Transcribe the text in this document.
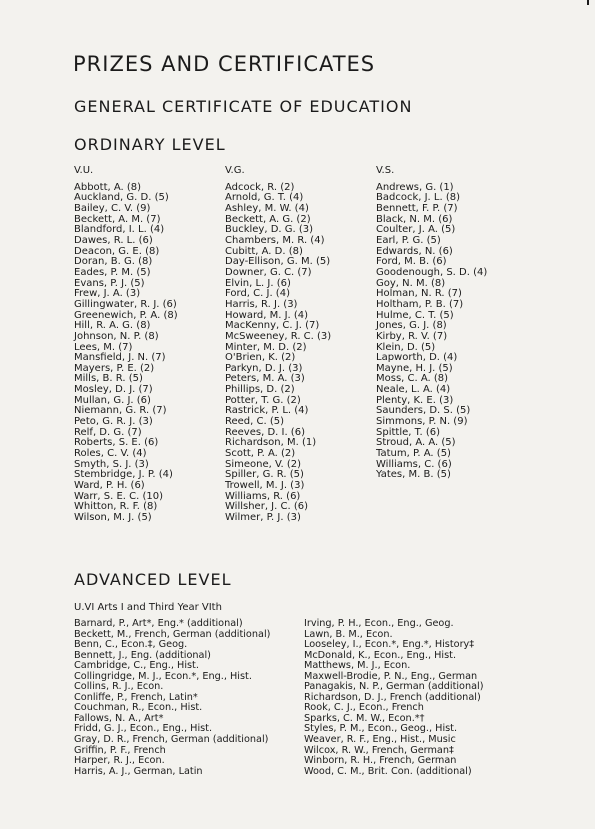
PRIZES AND CERTIFICATES
GENERAL CERTIFICATE OF EDUCATION
ORDINARY LEVEL
V.U.
Abbott, A. (8)
Auckland, G. D. (5)
Bailey, C. V. (9)
Beckett, A. M. (7)
Blandford, I. L. (4)
Dawes, R. L. (6)
Deacon, G. E. (8)
Doran, B. G. (8)
Eades, P. M. (5)
Evans, P. J. (5)
Frew, J. A. (3)
Gillingwater, R. J. (6)
Greenewich, P. A. (8)
Hill, R. A. G. (8)
Johnson, N. P. (8)
Lees, M. (7)
Mansfield, J. N. (7)
Mayers, P. E. (2)
Mills, B. R. (5)
Mosley, D. J. (7)
Mullan, G. J. (6)
Niemann, G. R. (7)
Peto, G. R. J. (3)
Relf, D. G. (7)
Roberts, S. E. (6)
Roles, C. V. (4)
Smyth, S. J. (3)
Stembridge, J. P. (4)
Ward, P. H. (6)
Warr, S. E. C. (10)
Whitton, R. F. (8)
Wilson, M. J. (5)
V.G.
Adcock, R. (2)
Arnold, G. T. (4)
Ashley, M. W. (4)
Beckett, A. G. (2)
Buckley, D. G. (3)
Chambers, M. R. (4)
Cubitt, A. D. (8)
Day-Ellison, G. M. (5)
Downer, G. C. (7)
Elvin, L. J. (6)
Ford, C. J. (4)
Harris, R. J. (3)
Howard, M. J. (4)
MacKenny, C. J. (7)
McSweeney, R. C. (3)
Minter, M. D. (2)
O'Brien, K. (2)
Parkyn, D. J. (3)
Peters, M. A. (3)
Phillips, D. (2)
Potter, T. G. (2)
Rastrick, P. L. (4)
Reed, C. (5)
Reeves, D. I. (6)
Richardson, M. (1)
Scott, P. A. (2)
Simeone, V. (2)
Spiller, G. R. (5)
Trowell, M. J. (3)
Williams, R. (6)
Willsher, J. C. (6)
Wilmer, P. J. (3)
V.S.
Andrews, G. (1)
Badcock, J. L. (8)
Bennett, F. P. (7)
Black, N. M. (6)
Coulter, J. A. (5)
Earl, P. G. (5)
Edwards, N. (6)
Ford, M. B. (6)
Goodenough, S. D. (4)
Goy, N. M. (8)
Holman, N. R. (7)
Holtham, P. B. (7)
Hulme, C. T. (5)
Jones, G. J. (8)
Kirby, R. V. (7)
Klein, D. (5)
Lapworth, D. (4)
Mayne, H. J. (5)
Moss, C. A. (8)
Neale, L. A. (4)
Plenty, K. E. (3)
Saunders, D. S. (5)
Simmons, P. N. (9)
Spittle, T. (6)
Stroud, A. A. (5)
Tatum, P. A. (5)
Williams, C. (6)
Yates, M. B. (5)
ADVANCED LEVEL
U.VI Arts I and Third Year VIth
Barnard, P., Art*, Eng.* (additional)
Beckett, M., French, German (additional)
Benn, C., Econ.‡, Geog.
Bennett, J., Eng. (additional)
Cambridge, C., Eng., Hist.
Collingridge, M. J., Econ.*, Eng., Hist.
Collins, R. J., Econ.
Conliffe, P., French, Latin*
Couchman, R., Econ., Hist.
Fallows, N. A., Art*
Fridd, G. J., Econ., Eng., Hist.
Gray, D. R., French, German (additional)
Griffin, P. F., French
Harper, R. J., Econ.
Harris, A. J., German, Latin
Irving, P. H., Econ., Eng., Geog.
Lawn, B. M., Econ.
Looseley, I., Econ.*, Eng.*, History‡
McDonald, K., Econ., Eng., Hist.
Matthews, M. J., Econ.
Maxwell-Brodie, P. N., Eng., German
Panagakis, N. P., German (additional)
Richardson, D. J., French (additional)
Rook, C. J., Econ., French
Sparks, C. M. W., Econ.*†
Styles, P. M., Econ., Geog., Hist.
Weaver, R. F., Eng., Hist., Music
Wilcox, R. W., French, German‡
Winborn, R. H., French, German
Wood, C. M., Brit. Con. (additional)
